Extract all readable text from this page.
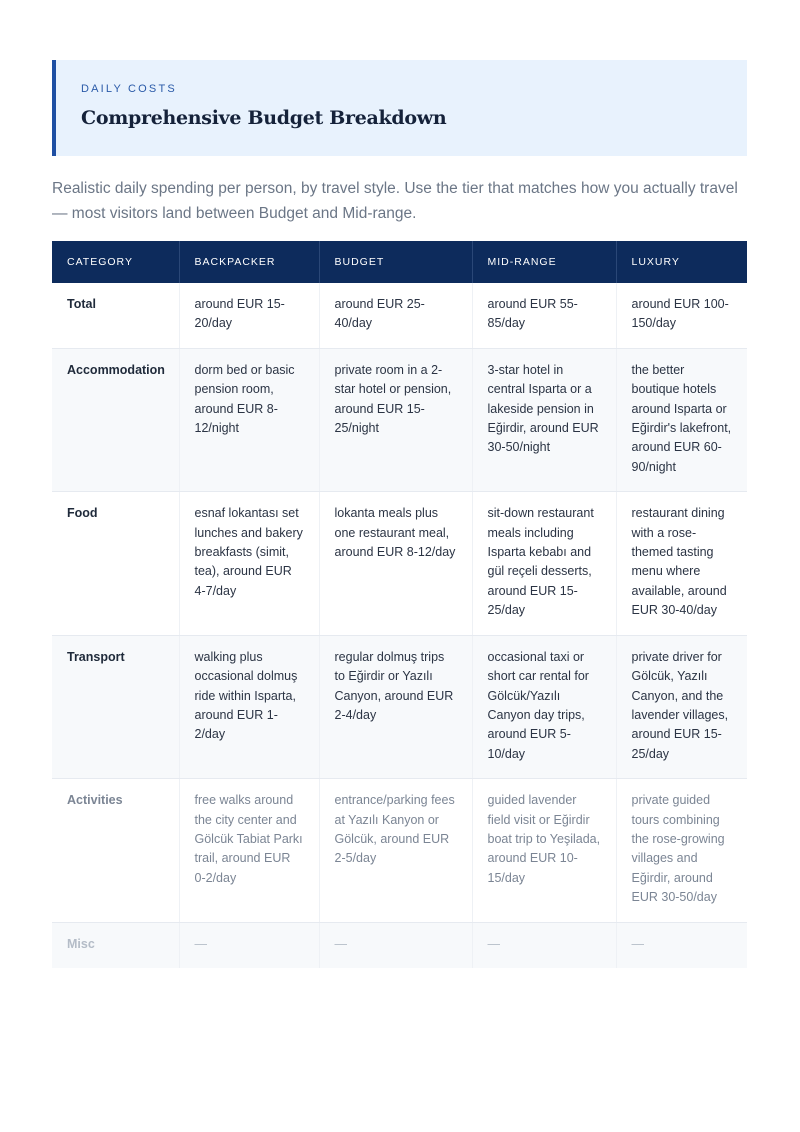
DAILY COSTS
Comprehensive Budget Breakdown

Realistic daily spending per person, by travel style. Use the tier that matches how you actually travel — most visitors land between Budget and Mid-range.

CATEGORY	BACKPACKER	BUDGET	MID-RANGE	LUXURY
Total	around EUR 15-20/day	around EUR 25-40/day	around EUR 55-85/day	around EUR 100-150/day
Accommodation	dorm bed or basic pension room, around EUR 8-12/night	private room in a 2-star hotel or pension, around EUR 15-25/night	3-star hotel in central Isparta or a lakeside pension in Eğirdir, around EUR 30-50/night	the better boutique hotels around Isparta or Eğirdir's lakefront, around EUR 60-90/night
Food	esnaf lokantası set lunches and bakery breakfasts (simit, tea), around EUR 4-7/day	lokanta meals plus one restaurant meal, around EUR 8-12/day	sit-down restaurant meals including Isparta kebabı and gül reçeli desserts, around EUR 15-25/day	restaurant dining with a rose-themed tasting menu where available, around EUR 30-40/day
Transport	walking plus occasional dolmuş ride within Isparta, around EUR 1-2/day	regular dolmuş trips to Eğirdir or Yazılı Canyon, around EUR 2-4/day	occasional taxi or short car rental for Gölcük/Yazılı Canyon day trips, around EUR 5-10/day	private driver for Gölcük, Yazılı Canyon, and the lavender villages, around EUR 15-25/day
Activities	free walks around the city center and Gölcük Tabiat Parkı trail, around EUR 0-2/day	entrance/parking fees at Yazılı Kanyon or Gölcük, around EUR 2-5/day	guided lavender field visit or Eğirdir boat trip to Yeşilada, around EUR 10-15/day	private guided tours combining the rose-growing villages and Eğirdir, around EUR 30-50/day
Misc	—	—	—	—
